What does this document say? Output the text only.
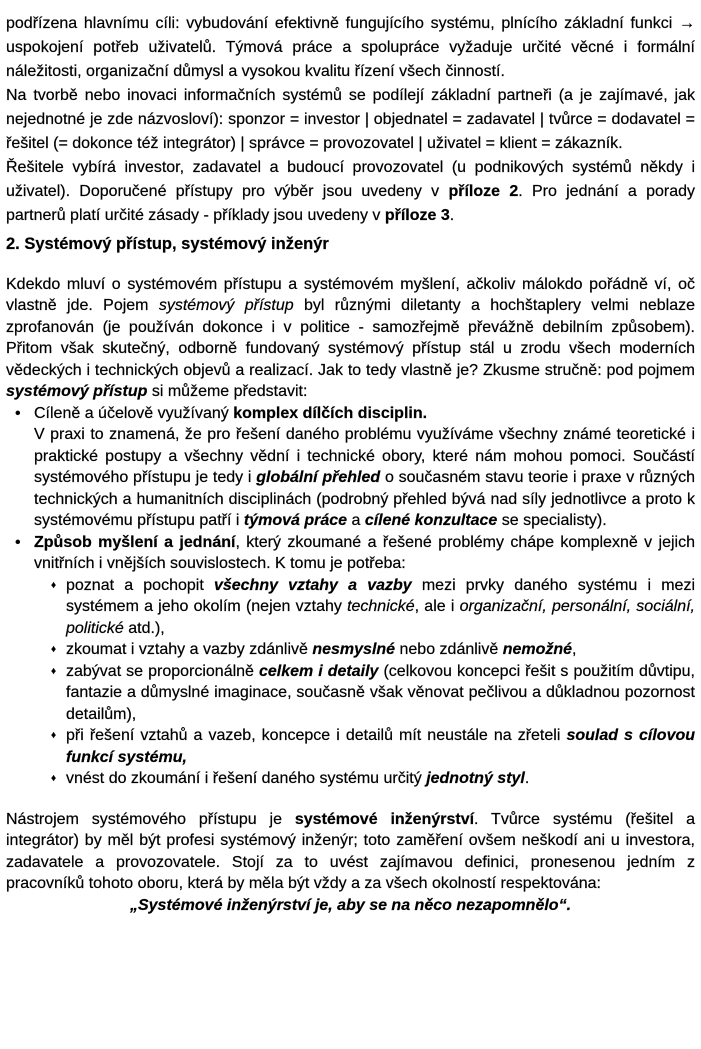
podřízena hlavnímu cíli: vybudování efektivně fungujícího systému, plnícího základní funkci → uspokojení potřeb uživatelů. Týmová práce a spolupráce vyžaduje určité věcné i formální náležitosti, organizační důmysl a vysokou kvalitu řízení všech činností.
Na tvorbě nebo inovaci informačních systémů se podílejí základní partneři (a je zajímavé, jak nejednotné je zde názvosloví): sponzor = investor | objednatel = zadavatel | tvůrce = dodavatel = řešitel (= dokonce též integrátor) | správce = provozovatel | uživatel = klient = zákazník.
Řešitele vybírá investor, zadavatel a budoucí provozovatel (u podnikových systémů někdy i uživatel). Doporučené přístupy pro výběr jsou uvedeny v příloze 2. Pro jednání a porady partnerů platí určité zásady - příklady jsou uvedeny v příloze 3.
2. Systémový přístup, systémový inženýr
Kdekdo mluví o systémovém přístupu a systémovém myšlení, ačkoliv málokdo pořádně ví, oč vlastně jde. Pojem systémový přístup byl různými diletanty a hochštaplery velmi neblaze zprofanován (je používán dokonce i v politice - samozřejmě převážně debilním způsobem). Přitom však skutečný, odborně fundovaný systémový přístup stál u zrodu všech moderních vědeckých i technických objevů a realizací. Jak to tedy vlastně je? Zkusme stručně: pod pojmem systémový přístup si můžeme představit:
• Cíleně a účelově využívaný komplex dílčích disciplin.
V praxi to znamená, že pro řešení daného problému využíváme všechny známé teoretické i praktické postupy a všechny vědní i technické obory, které nám mohou pomoci. Součástí systémového přístupu je tedy i globální přehled o současném stavu teorie i praxe v různých technických a humanitních disciplinách (podrobný přehled bývá nad síly jednotlivce a proto k systémovému přístupu patří i týmová práce a cílené konzultace se specialisty).
• Způsob myšlení a jednání, který zkoumané a řešené problémy chápe komplexně v jejich vnitřních i vnějších souvislostech. K tomu je potřeba:
♦ poznat a pochopit všechny vztahy a vazby mezi prvky daného systému i mezi systémem a jeho okolím (nejen vztahy technické, ale i organizační, personální, sociální, politické atd.),
♦ zkoumat i vztahy a vazby zdánlivě nesmyslné nebo zdánlivě nemožné,
♦ zabývat se proporcionálně celkem i detaily (celkovou koncepci řešit s použitím důvtipu, fantazie a důmyslné imaginace, současně však věnovat pečlivou a důkladnou pozornost detailům),
♦ při řešení vztahů a vazeb, koncepce i detailů mít neustále na zřeteli soulad s cílovou funkcí systému,
♦ vnést do zkoumání i řešení daného systému určitý jednotný styl.
Nástrojem systémového přístupu je systémové inženýrství. Tvůrce systému (řešitel a integrátor) by měl být profesi systémový inženýr; toto zaměření ovšem neškodí ani u investora, zadavatele a provozovatele. Stojí za to uvést zajímavou definici, pronesenou jedním z pracovníků tohoto oboru, která by měla být vždy a za všech okolností respektována:
„Systémové inženýrství je, aby se na něco nezapomnělo“.
